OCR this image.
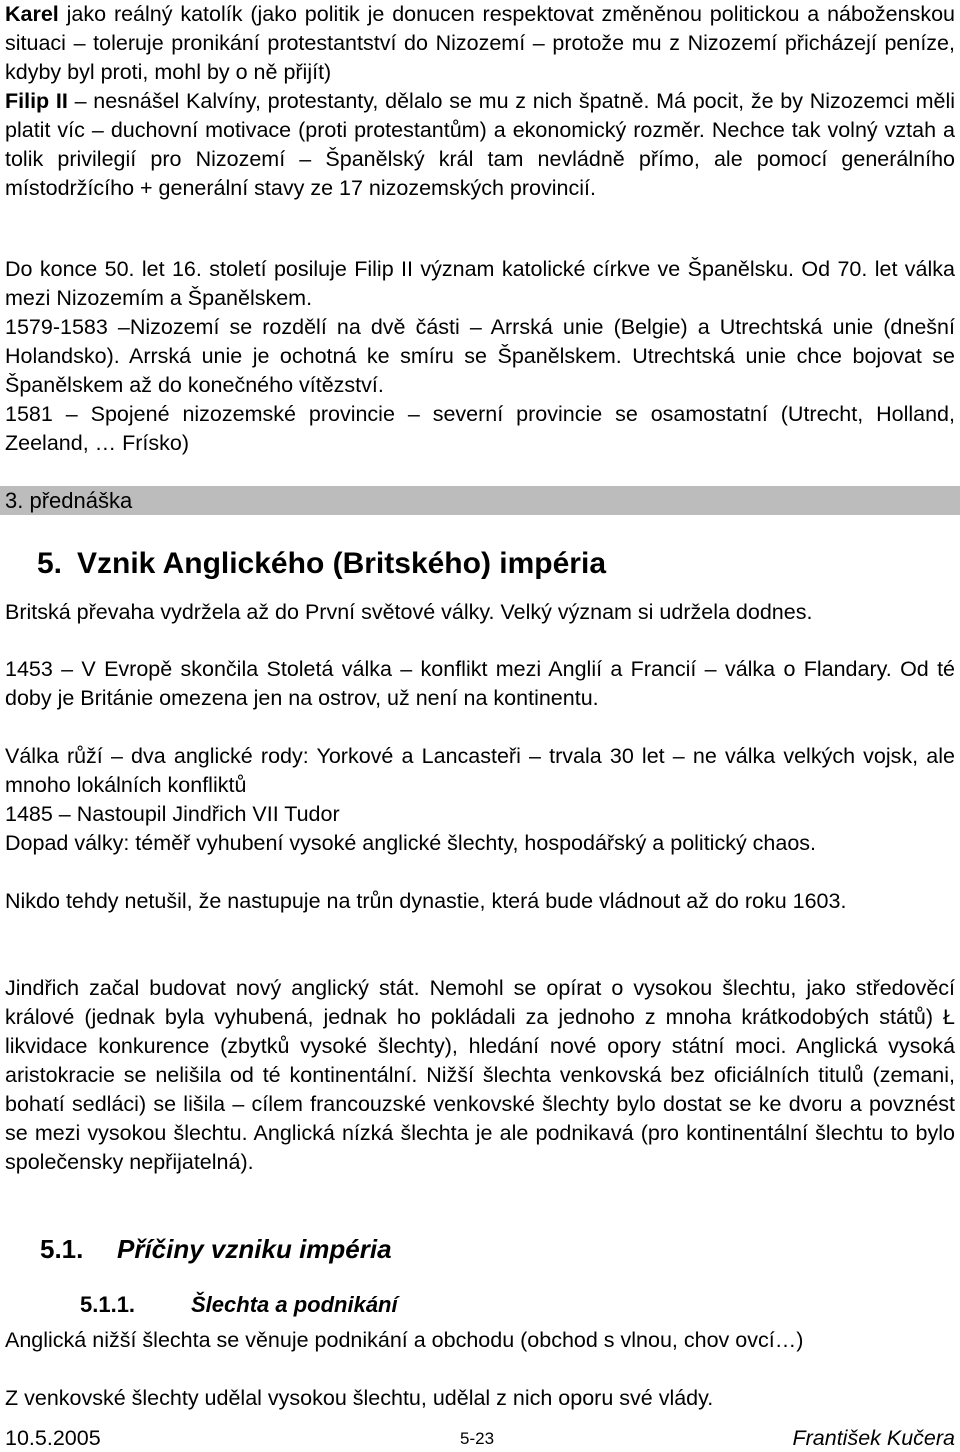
Karel jako reálný katolík (jako politik je donucen respektovat změněnou politickou a náboženskou situaci – toleruje pronikání protestantství do Nizozemí – protože mu z Nizozemí přicházejí peníze, kdyby byl proti, mohl by o ně přijít)

Filip II – nesnášel Kalvíny, protestanty, dělalo se mu z nich špatně. Má pocit, že by Nizozemci měli platit víc – duchovní motivace (proti protestantům) a ekonomický rozměr. Nechce tak volný vztah a tolik privilegií pro Nizozemí – Španělský král tam nevládně přímo, ale pomocí generálního místodržícího + generální stavy ze 17 nizozemských provincií.

Do konce 50. let 16. století posiluje Filip II význam katolické církve ve Španělsku. Od 70. let válka mezi Nizozemím a Španělskem.

1579-1583 –Nizozemí se rozdělí na dvě části – Arrská unie (Belgie) a Utrechtská unie (dnešní Holandsko). Arrská unie je ochotná ke smíru se Španělskem. Utrechtská unie chce bojovat se Španělskem až do konečného vítězství.

1581 – Spojené nizozemské provincie – severní provincie se osamostatní (Utrecht, Holland, Zeeland, … Frísko)

3. přednáška
5. Vznik Anglického (Britského) impéria

Britská převaha vydržela až do První světové války. Velký význam si udržela dodnes.

1453 – V Evropě skončila Stoletá válka – konflikt mezi Anglií a Francií – válka o Flandary. Od té doby je Británie omezena jen na ostrov, už není na kontinentu.

Válka růží – dva anglické rody: Yorkové a Lancasteři – trvala 30 let – ne válka velkých vojsk, ale mnoho lokálních konfliktů

1485 – Nastoupil Jindřich VII Tudor

Dopad války: téměř vyhubení vysoké anglické šlechty, hospodářský a politický chaos.

Nikdo tehdy netušil, že nastupuje na trůn dynastie, která bude vládnout až do roku 1603.

Jindřich začal budovat nový anglický stát. Nemohl se opírat o vysokou šlechtu, jako středověcí králové (jednak byla vyhubená, jednak ho pokládali za jednoho z mnoha krátkodobých států) Ł likvidace konkurence (zbytků vysoké šlechty), hledání nové opory státní moci. Anglická vysoká aristokracie se nelišila od té kontinentální. Nižší šlechta venkovská bez oficiálních titulů (zemani, bohatí sedláci) se lišila – cílem francouzské venkovské šlechty bylo dostat se ke dvoru a povznést se mezi vysokou šlechtu. Anglická nízká šlechta je ale podnikavá (pro kontinentální šlechtu to bylo společensky nepřijatelná).

5.1. Příčiny vzniku impéria
5.1.1.	Šlechta a podnikání

Anglická nižší šlechta se věnuje podnikání a obchodu (obchod s vlnou, chov ovcí…)

Z venkovské šlechty udělal vysokou šlechtu, udělal z nich oporu své vlády.

10.5.2005	5-23	František Kučera
